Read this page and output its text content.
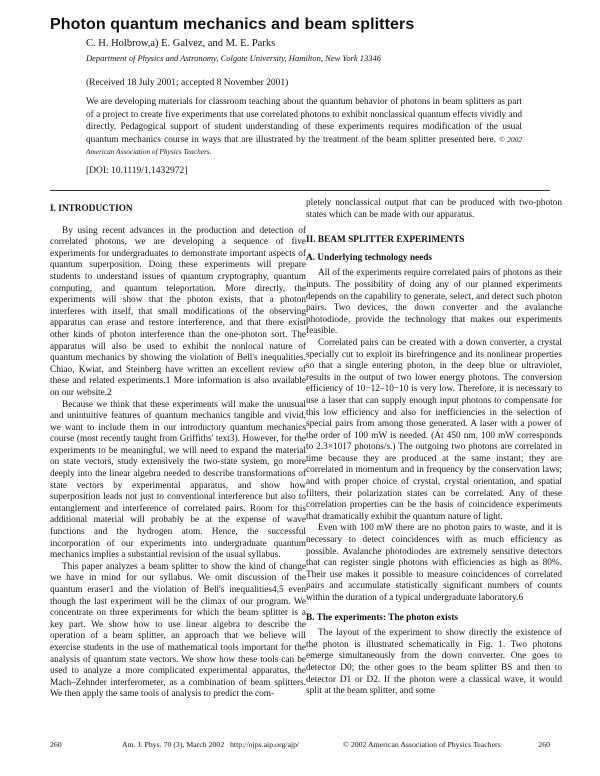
Photon quantum mechanics and beam splitters
C. H. Holbrow,a) E. Galvez, and M. E. Parks
Department of Physics and Astronomy, Colgate University, Hamilton, New York 13346
(Received 18 July 2001; accepted 8 November 2001)
We are developing materials for classroom teaching about the quantum behavior of photons in beam splitters as part of a project to create five experiments that use correlated photons to exhibit nonclassical quantum effects vividly and directly. Pedagogical support of student understanding of these experiments requires modification of the usual quantum mechanics course in ways that are illustrated by the treatment of the beam splitter presented here. © 2002 American Association of Physics Teachers.
[DOI: 10.1119/1.1432972]
I. INTRODUCTION

By using recent advances in the production and detection of correlated photons, we are developing a sequence of five experiments for undergraduates to demonstrate important aspects of quantum superposition. Doing these experiments will prepare students to understand issues of quantum cryptography, quantum computing, and quantum teleportation. More directly, the experiments will show that the photon exists, that a photon interferes with itself, that small modifications of the observing apparatus can erase and restore interference, and that there exist other kinds of photon interference than the one-photon sort. The apparatus will also be used to exhibit the nonlocal nature of quantum mechanics by showing the violation of Bell's inequalities. Chiao, Kwiat, and Steinberg have written an excellent review of these and related experiments.1 More information is also available on our website.2

Because we think that these experiments will make the unusual and unintuitive features of quantum mechanics tangible and vivid, we want to include them in our introductory quantum mechanics course (most recently taught from Griffiths' text3). However, for the experiments to be meaningful, we will need to expand the material on state vectors, study extensively the two-state system, go more deeply into the linear algebra needed to describe transformations of state vectors by experimental apparatus, and show how superposition leads not just to conventional interference but also to entanglement and interference of correlated pairs. Room for this additional material will probably be at the expense of wave functions and the hydrogen atom. Hence, the successful incorporation of our experiments into undergraduate quantum mechanics implies a substantial revision of the usual syllabus.

This paper analyzes a beam splitter to show the kind of change we have in mind for our syllabus. We omit discussion of the quantum eraser1 and the violation of Bell's inequalities4,5 even though the last experiment will be the climax of our program. We concentrate on three experiments for which the beam splitter is a key part. We show how to use linear algebra to describe the operation of a beam splitter, an approach that we believe will exercise students in the use of mathematical tools important for the analysis of quantum state vectors. We show how these tools can be used to analyze a more complicated experimental apparatus, the Mach–Zehnder interferometer, as a combination of beam splitters. We then apply the same tools of analysis to predict the com-

pletely nonclassical output that can be produced with two-photon states which can be made with our apparatus.

II. BEAM SPLITTER EXPERIMENTS
A. Underlying technology needs

All of the experiments require correlated pairs of photons as their inputs. The possibility of doing any of our planned experiments depends on the capability to generate, select, and detect such photon pairs. Two devices, the down converter and the avalanche photodiode, provide the technology that makes our experiments feasible.

Correlated pairs can be created with a down converter, a crystal specially cut to exploit its birefringence and its nonlinear properties so that a single entering photon, in the deep blue or ultraviolet, results in the output of two lower energy photons. The conversion efficiency of 10−12–10−10 is very low. Therefore, it is necessary to use a laser that can supply enough input photons to compensate for this low efficiency and also for inefficiencies in the selection of special pairs from among those generated. A laser with a power of the order of 100 mW is needed. (At 450 nm, 100 mW corresponds to 2.3×1017 photons/s.) The outgoing two photons are correlated in time because they are produced at the same instant; they are correlated in momentum and in frequency by the conservation laws; and with proper choice of crystal, crystal orientation, and spatial filters, their polarization states can be correlated. Any of these correlation properties can be the basis of coincidence experiments that dramatically exhibit the quantum nature of light.

Even with 100 mW there are no photon pairs to waste, and it is necessary to detect coincidences with as much efficiency as possible. Avalanche photodiodes are extremely sensitive detectors that can register single photons with efficiencies as high as 80%. Their use makes it possible to measure coincidences of correlated pairs and accumulate statistically significant numbers of counts within the duration of a typical undergraduate laboratory.6

B. The experiments: The photon exists

The layout of the experiment to show directly the existence of the photon is illustrated schematically in Fig. 1. Two photons emerge simultaneously from the down converter. One goes to detector D0; the other goes to the beam splitter BS and then to detector D1 or D2. If the photon were a classical wave, it would split at the beam splitter, and some

260	Am. J. Phys. 70 (3), March 2002 http://ojps.aip.org/ajp/	© 2002 American Association of Physics Teachers	260
